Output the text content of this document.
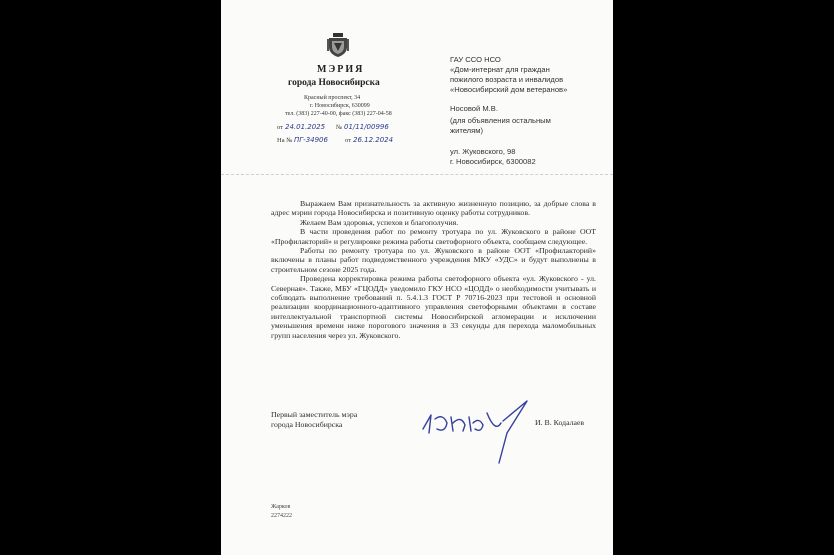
МЭРИЯ
города Новосибирска
Красный проспект, 34
г. Новосибирск, 630099
тел. (383) 227-40-00, факс (383) 227-04-58
от 24.01.2025 № 01/11/00996
На № ПГ-34906	от 26.12.2024
ГАУ ССО НСО
«Дом-интернат для граждан
пожилого возраста и инвалидов
«Новосибирский дом ветеранов»
Носовой М.В.
(для объявления остальным жителям)
ул. Жуковского, 98
г. Новосибирск, 6300082

Выражаем Вам признательность за активную жизненную позицию, за добрые слова в адрес мэрии города Новосибирска и позитивную оценку работы сотрудников.

Желаем Вам здоровья, успехов и благополучия.

В части проведения работ по ремонту тротуара по ул. Жуковского в районе ООТ «Профилакторий» и регулировке режима работы светофорного объекта, сообщаем следующее.

Работы по ремонту тротуара по ул. Жуковского в районе ООТ «Профилакторий» включены в планы работ подведомственного учреждения МКУ «УДС» и будут выполнены в строительном сезоне 2025 года.

Проведена корректировка режима работы светофорного объекта «ул. Жуковского - ул. Северная». Также, МБУ «ГЦОДД» уведомило ГКУ НСО «ЦОДД» о необходимости учитывать и соблюдать выполнение требований п. 5.4.1.3 ГОСТ Р 70716-2023 при тестовой и основной реализации координационного-адаптивного управления светофорными объектами в составе интеллектуальной транспортной системы Новосибирской агломерации и исключении уменьшения времени ниже порогового значения в 33 секунды для перехода маломобильных групп населения через ул. Жуковского.

Первый заместитель мэра
города Новосибирска	И. В. Кодалаев
Жарков
2274222
